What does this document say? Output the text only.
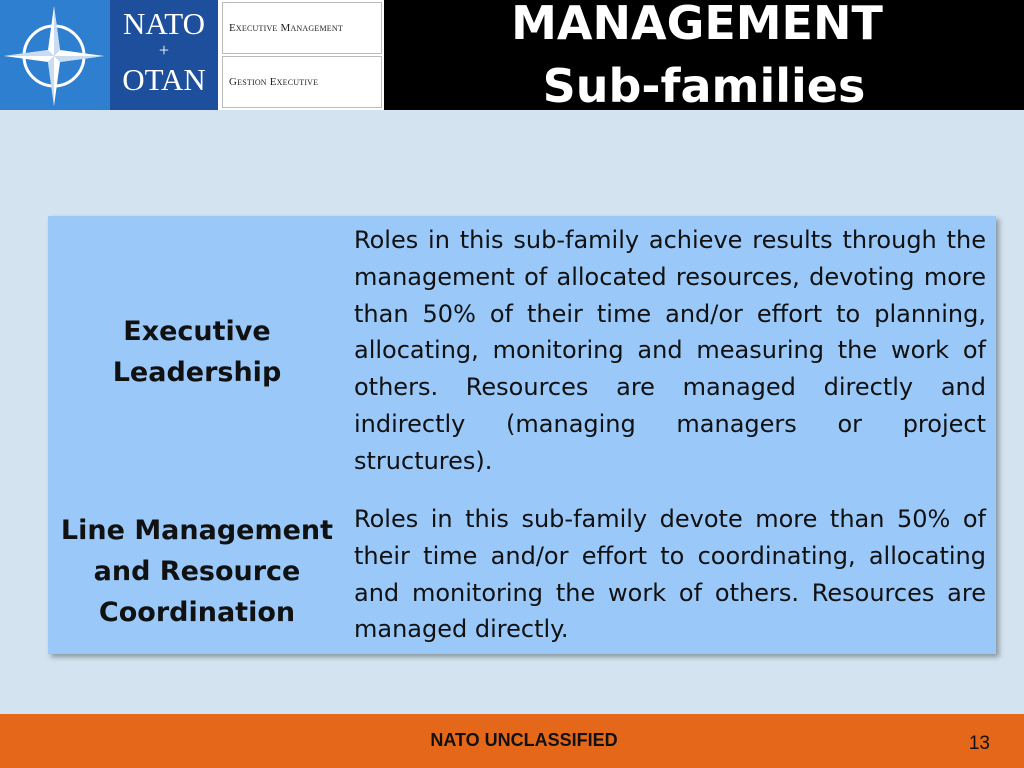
NATO
+
OTAN
Executive Management
Gestion Executive
MANAGEMENT
Sub-families
Executive Leadership
Roles in this sub-family achieve results through the management of allocated resources, devoting more than 50% of their time and/or effort to planning, allocating, monitoring and measuring the work of others. Resources are managed directly and indirectly (managing managers or project structures).
Line Management and Resource Coordination
Roles in this sub-family devote more than 50% of their time and/or effort to coordinating, allocating and monitoring the work of others. Resources are managed directly.
NATO UNCLASSIFIED	13
